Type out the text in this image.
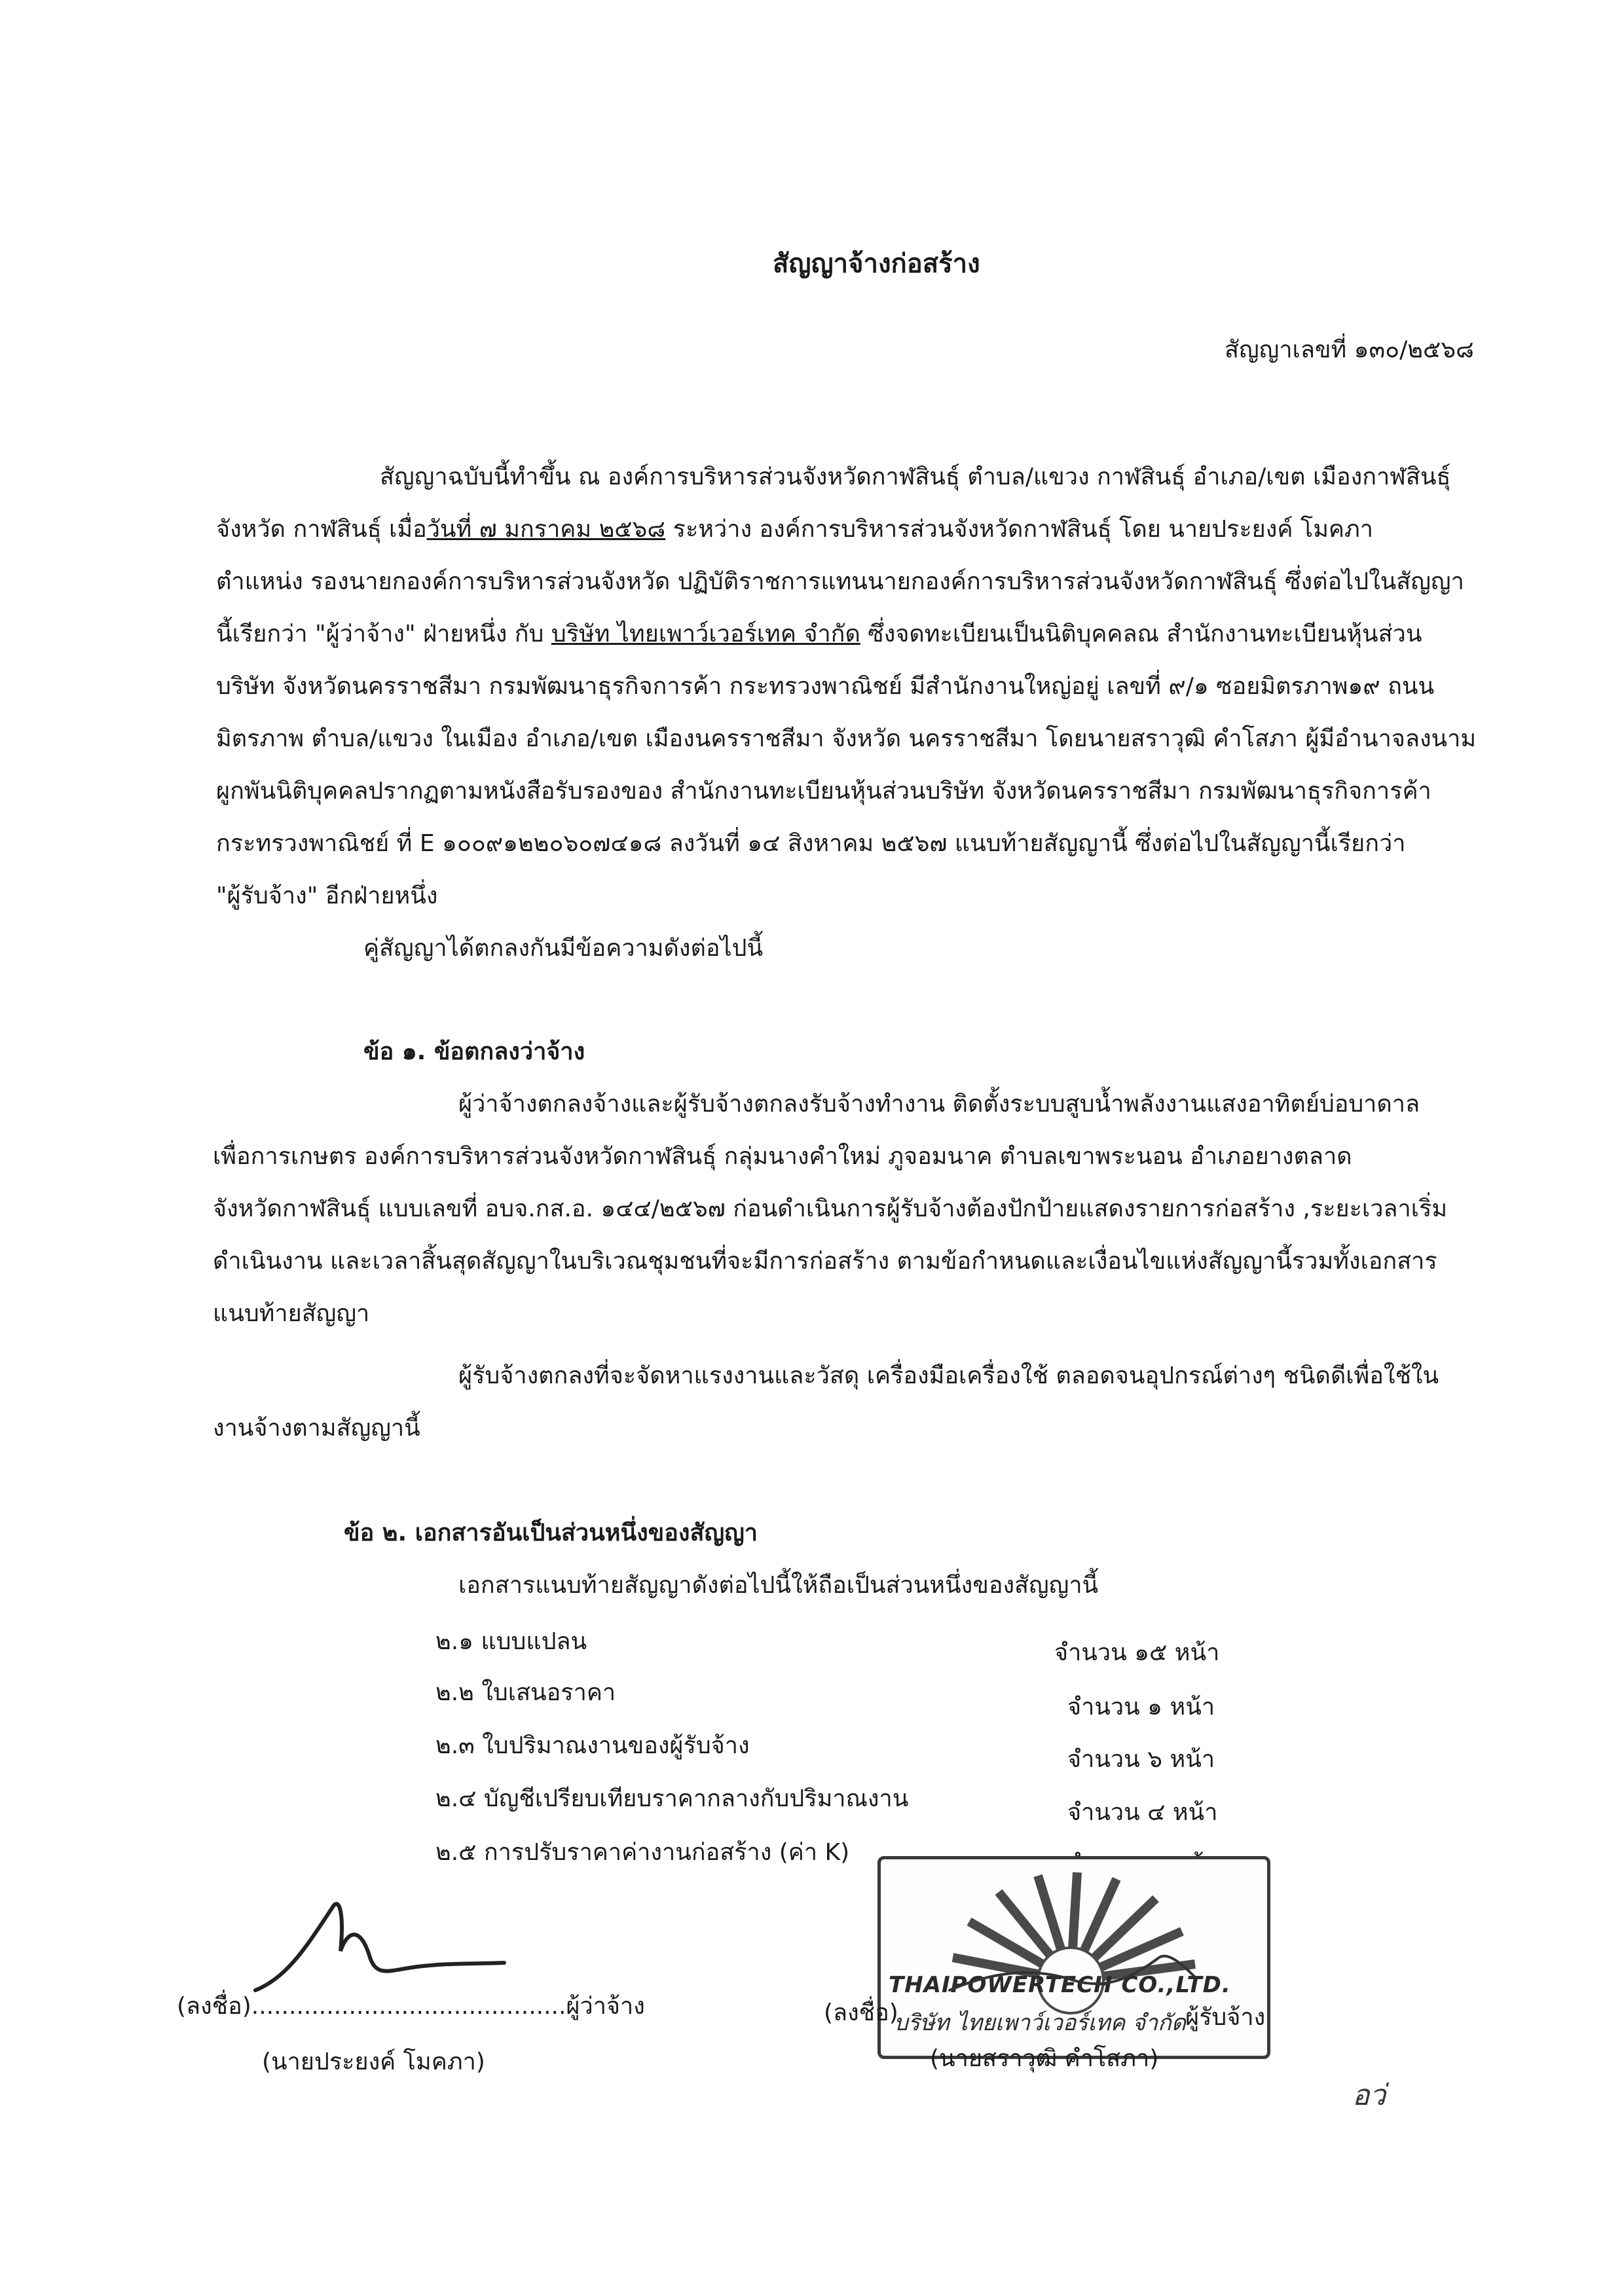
สัญญาจ้างก่อสร้าง
สัญญาเลขที่ ๑๓๐/๒๕๖๘
สัญญาฉบับนี้ทำขึ้น ณ องค์การบริหารส่วนจังหวัดกาฬสินธุ์ ตำบล/แขวง กาฬสินธุ์ อำเภอ/เขต เมืองกาฬสินธุ์
จังหวัด กาฬสินธุ์ เมื่อวันที่ ๗ มกราคม ๒๕๖๘ ระหว่าง องค์การบริหารส่วนจังหวัดกาฬสินธุ์ โดย นายประยงค์ โมคภา
ตำแหน่ง รองนายกองค์การบริหารส่วนจังหวัด ปฏิบัติราชการแทนนายกองค์การบริหารส่วนจังหวัดกาฬสินธุ์ ซึ่งต่อไปในสัญญา
นี้เรียกว่า "ผู้ว่าจ้าง" ฝ่ายหนึ่ง กับ บริษัท ไทยเพาว์เวอร์เทค จำกัด ซึ่งจดทะเบียนเป็นนิติบุคคลณ สำนักงานทะเบียนหุ้นส่วน
บริษัท จังหวัดนครราชสีมา กรมพัฒนาธุรกิจการค้า กระทรวงพาณิชย์ มีสำนักงานใหญ่อยู่ เลขที่ ๙/๑ ซอยมิตรภาพ๑๙ ถนน
มิตรภาพ ตำบล/แขวง ในเมือง อำเภอ/เขต เมืองนครราชสีมา จังหวัด นครราชสีมา โดยนายสราวุฒิ คำโสภา ผู้มีอำนาจลงนาม
ผูกพันนิติบุคคลปรากฏตามหนังสือรับรองของ สำนักงานทะเบียนหุ้นส่วนบริษัท จังหวัดนครราชสีมา กรมพัฒนาธุรกิจการค้า
กระทรวงพาณิชย์ ที่ E ๑๐๐๙๑๒๒๐๖๐๗๔๑๘ ลงวันที่ ๑๔ สิงหาคม ๒๕๖๗ แนบท้ายสัญญานี้ ซึ่งต่อไปในสัญญานี้เรียกว่า
"ผู้รับจ้าง" อีกฝ่ายหนึ่ง
คู่สัญญาได้ตกลงกันมีข้อความดังต่อไปนี้
ข้อ ๑. ข้อตกลงว่าจ้าง
ผู้ว่าจ้างตกลงจ้างและผู้รับจ้างตกลงรับจ้างทำงาน ติดตั้งระบบสูบน้ำพลังงานแสงอาทิตย์บ่อบาดาล
เพื่อการเกษตร องค์การบริหารส่วนจังหวัดกาฬสินธุ์ กลุ่มนางคำใหม่ ภูจอมนาค ตำบลเขาพระนอน อำเภอยางตลาด
จังหวัดกาฬสินธุ์ แบบเลขที่ อบจ.กส.อ. ๑๔๔/๒๕๖๗ ก่อนดำเนินการผู้รับจ้างต้องปักป้ายแสดงรายการก่อสร้าง ,ระยะเวลาเริ่ม
ดำเนินงาน และเวลาสิ้นสุดสัญญาในบริเวณชุมชนที่จะมีการก่อสร้าง ตามข้อกำหนดและเงื่อนไขแห่งสัญญานี้รวมทั้งเอกสาร
แนบท้ายสัญญา
ผู้รับจ้างตกลงที่จะจัดหาแรงงานและวัสดุ เครื่องมือเครื่องใช้ ตลอดจนอุปกรณ์ต่างๆ ชนิดดีเพื่อใช้ใน
งานจ้างตามสัญญานี้
ข้อ ๒. เอกสารอันเป็นส่วนหนึ่งของสัญญา
เอกสารแนบท้ายสัญญาดังต่อไปนี้ให้ถือเป็นส่วนหนึ่งของสัญญานี้
๒.๑ แบบแปลน	จำนวน ๑๕ หน้า
๒.๒ ใบเสนอราคา
จำนวน ๑ หน้า
๒.๓ ใบปริมาณงานของผู้รับจ้าง
จำนวน ๖ หน้า
๒.๔ บัญชีเปรียบเทียบราคากลางกับปริมาณงาน
จำนวน ๔ หน้า
๒.๕ การปรับราคาค่างานก่อสร้าง (ค่า K)
THAIPOWERTECH CO.,LTD.
บริษัท ไทยเพาว์เวอร์เทค จำกัด
(ลงชื่อ)..........................................ผู้ว่าจ้าง
(นายประยงค์ โมคภา)
(ลงชื่อ)	ผู้รับจ้าง
(นายสราวุฒิ คำโสภา)
อว่
